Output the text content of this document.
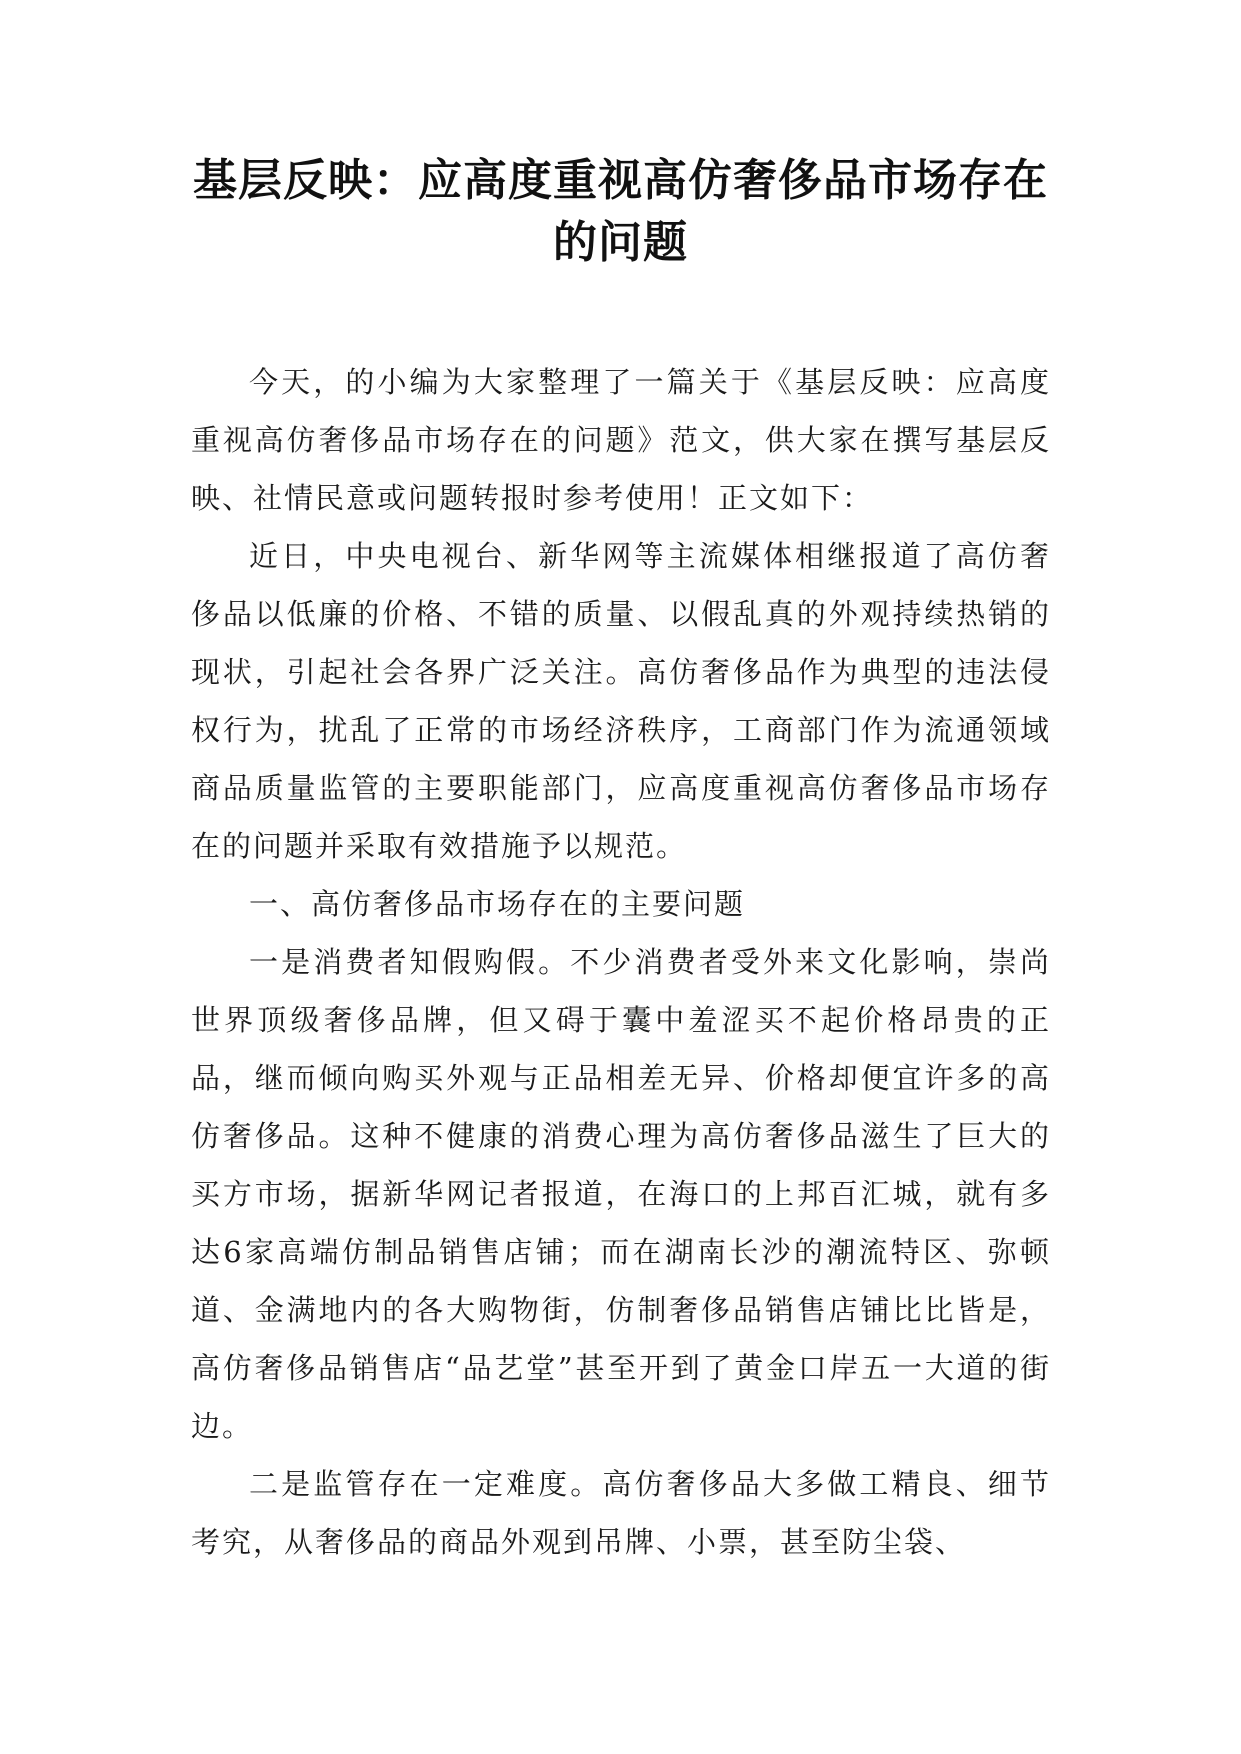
基层反映：应高度重视高仿奢侈品市场存在
的问题

今天，的小编为大家整理了一篇关于《基层反映：应高度重视高仿奢侈品市场存在的问题》范文，供大家在撰写基层反映、社情民意或问题转报时参考使用！正文如下：

近日，中央电视台、新华网等主流媒体相继报道了高仿奢侈品以低廉的价格、不错的质量、以假乱真的外观持续热销的现状，引起社会各界广泛关注。高仿奢侈品作为典型的违法侵权行为，扰乱了正常的市场经济秩序，工商部门作为流通领域商品质量监管的主要职能部门，应高度重视高仿奢侈品市场存在的问题并采取有效措施予以规范。

一、高仿奢侈品市场存在的主要问题

一是消费者知假购假。不少消费者受外来文化影响，崇尚世界顶级奢侈品牌，但又碍于囊中羞涩买不起价格昂贵的正品，继而倾向购买外观与正品相差无异、价格却便宜许多的高仿奢侈品。这种不健康的消费心理为高仿奢侈品滋生了巨大的买方市场，据新华网记者报道，在海口的上邦百汇城，就有多达6家高端仿制品销售店铺；而在湖南长沙的潮流特区、弥顿道、金满地内的各大购物街，仿制奢侈品销售店铺比比皆是，高仿奢侈品销售店“品艺堂”甚至开到了黄金口岸五一大道的街边。

二是监管存在一定难度。高仿奢侈品大多做工精良、细节考究，从奢侈品的商品外观到吊牌、小票，甚至防尘袋、
